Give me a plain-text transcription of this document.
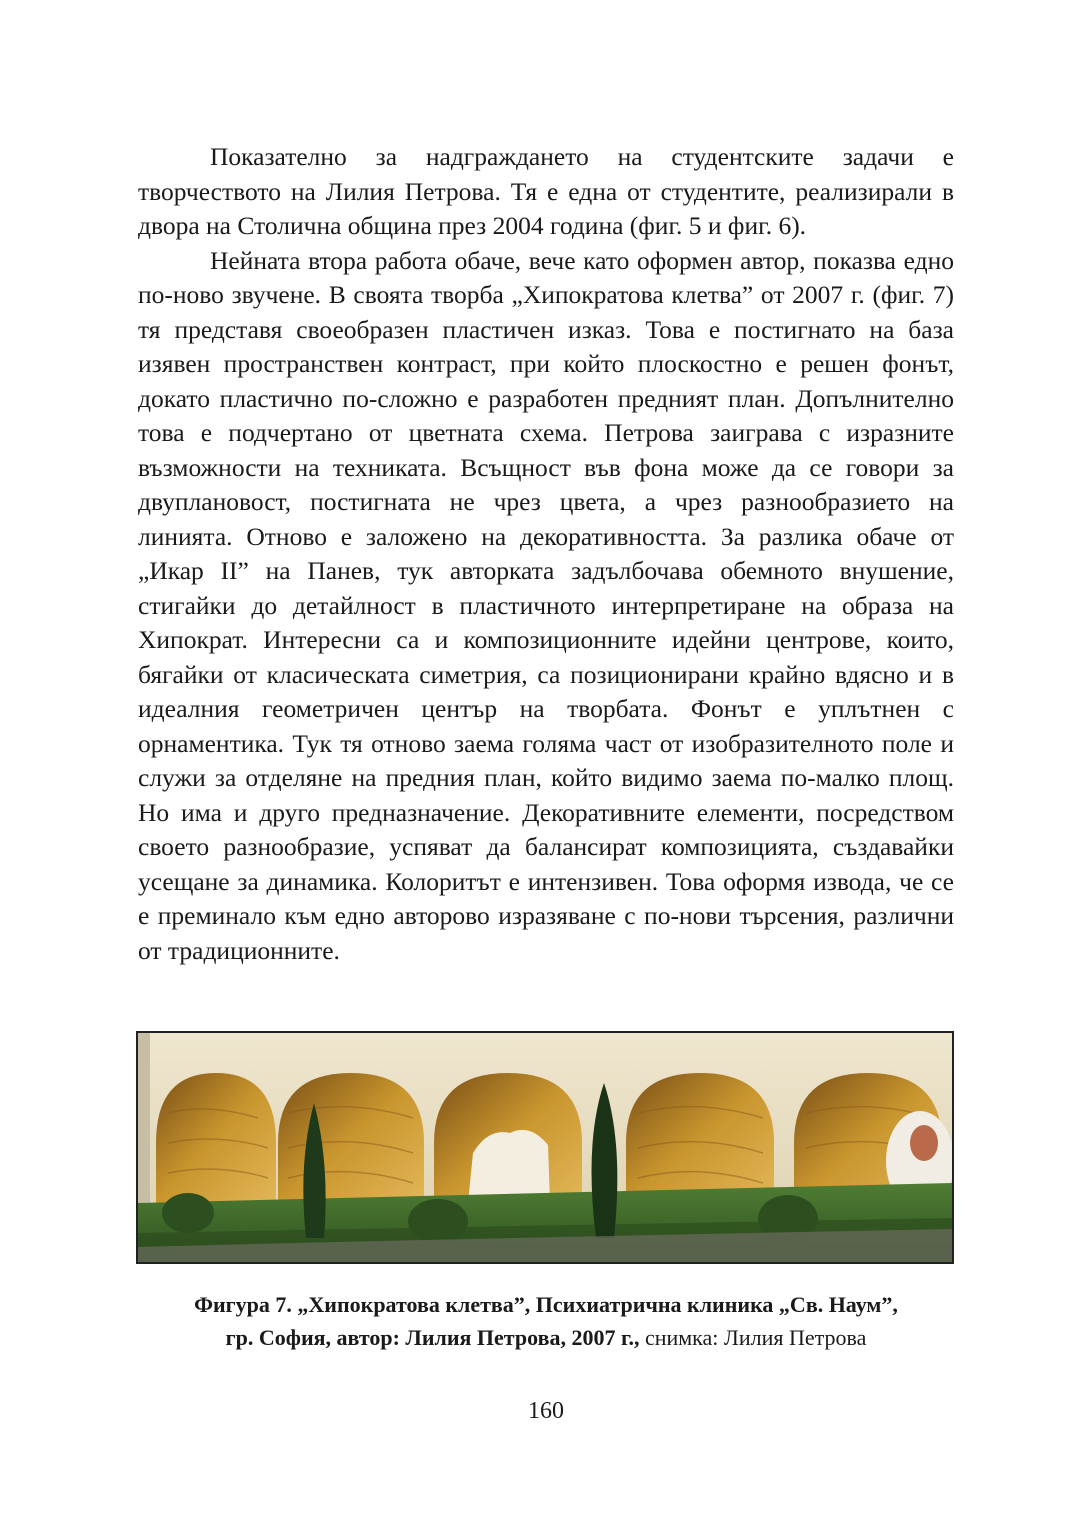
Показателно за надграждането на студентските задачи е творчеството на Лилия Петрова. Тя е една от студентите, реализирали в двора на Столична община през 2004 година (фиг. 5 и фиг. 6).

Нейната втора работа обаче, вече като оформен автор, показва едно по-ново звучене. В своята творба „Хипократова клетва” от 2007 г. (фиг. 7) тя представя своеобразен пластичен изказ. Това е постигнато на база изявен пространствен контраст, при който плоскостно е решен фонът, докато пластично по-сложно е разработен предният план. Допълнително това е подчертано от цветната схема. Петрова заиграва с изразните възможности на техниката. Всъщност във фона може да се говори за двуплановост, постигната не чрез цвета, а чрез разнообразието на линията. Отново е заложено на декоративността. За разлика обаче от „Икар II” на Панев, тук авторката задълбочава обемното внушение, стигайки до детайлност в пластичното интерпретиране на образа на Хипократ. Интересни са и композиционните идейни центрове, които, бягайки от класическата симетрия, са позиционирани крайно вдясно и в идеалния геометричен център на творбата. Фонът е уплътнен с орнаментика. Тук тя отново заема голяма част от изобразителното поле и служи за отделяне на предния план, който видимо заема по-малко площ. Но има и друго предназначение. Декоративните елементи, посредством своето разнообразие, успяват да балансират композицията, създавайки усещане за динамика. Колоритът е интензивен. Това оформя извода, че се е преминало към едно авторово изразяване с по-нови търсения, различни от традиционните.

Фигура 7. „Хипократова клетва”, Психиатрична клиника „Св. Наум”,
гр. София, автор: Лилия Петрова, 2007 г., снимка: Лилия Петрова
160
